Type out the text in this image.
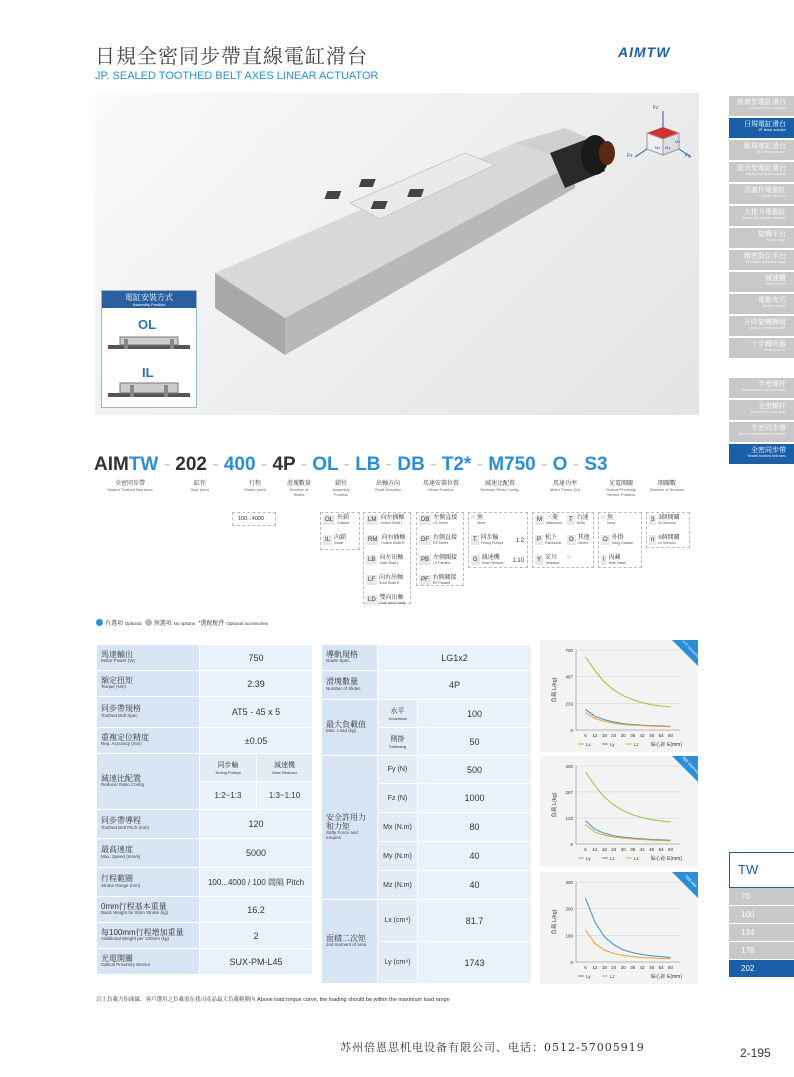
日規全密同步帶直線電缸滑台
JP. SEALED TOOTHED BELT AXES LINEAR ACTUATOR
AIMTW
Fz
Fx	Fy
Mx My
Mz
電缸安裝方式
Assembly Position
OL
IL
經濟型電缸滑台
Economy linear actuator
日規電缸滑台
JP. linear actuator
歐規電缸滑台
EU. linear actuator
超長型電缸滑台
Super-long linear actuator
活塞杆電動缸
Cylinder actuator
大推力電動缸
Heavy duty cylinder actuator
旋轉平台
Rotary stage
精密對位平台
Precision alignment stage
減速機
Gear reducer
電動夾爪
Electric gripper
升降旋轉模組
Lifting & rotating module
十字轉向器
Bevel gearbox
半密螺杆
Semi-sealed ball screw axes
全密螺杆
Sealed ball screw axes
半密同步帶
Semi-sealed toothed belt axes
全密同步帶
Sealed toothed belt axes
TW
70
100
134
178
202
AIMTW - 202 - 400 - 4P - OL - LB - DB - T2* - M750 - O - S3
全密同步帶
Sealed Toothed Belt Axes
缸徑
Size (mm)
行程
Stroke (mm)
滑塊數量
Number of Slides
鎖位
Assembly Position
出軸方向
Shaft Direction
馬達安裝位置
Motor Position
減速比配置
Reducer Ratio Config.
馬達功率
Motor Power (W)
光電開關
Optical Proximity Sensor Position
開關數
Number of Sensors
100...4000	OL 外鎖
Outside
IL 內鎖
Inside
LM 向左插軸
Hollow Shaft L
RM 向右插軸
Hollow Shaft R
LB 向左出軸
Solid Shaft L
LF 向右出軸
Solid Shaft R
LD 雙向出軸
Dual solid shafts
DB 左側直接
LS Direct
DF 右側直接
RS Direct
PB 左側閥接
LS Parallel
PF 右側閥接
RS Parallel
無
None
T 同步輪
Timing Pulleys 1:2
G 減速機
Gear Reducer 1:10
M 三菱
Mitsubishi	T 台達
Delta
P 松下
Panasonic	O 其他
Others
Y 安川
Yaskawa
無
None
O 外掛
Hang Outside
I 內藏
Hide Inside
3 3個開關
3x Sensors
n n個開關
nx Sensors
有選項 Optional 無選項 No options *選配配件 Optional accessories
馬達輸出
Motor Power (W)	750	
額定扭矩
Torque (Nm)	2.39	
同步帶規格
Toothed Belt Spec.	AT5 - 45 x 5	
重複定位精度
Rep. Accuracy (mm)	±0.05	
減速比配置
Reducer Ratio Config.	同步輪
Timing Pulleys	減速機
Gear Reducer

	1:2~1:3	1:3~1:10
同步帶導程
Toothed Belt Pitch (mm)	120	
最高速度
Max. Speed (mm/s)	5000	
行程範圍
Stroke Range (mm)	100...4000 / 100 間隔 Pitch	
0mm行程基本重量
Basic Weight for 0mm Stroke (kg)	16.2	
每100mm行程增加重量
Additional Weight per 100mm (kg)	2	
光電開關
Optical Proximity Sensor	SUX-PM-L45	
導軌規格
Guide Spec.	LG1x2	
滑塊數量
Number of Slides	4P	
最大負載值
Max. Load (kg)	水平
Horizontal	100
	側掛
Sidehang	50
安全許用力和力矩
Safty Force and torques	Fy (N)	500
	Fz (N)	1000
	Mx (N.m)	80
	My (N.m)	40
	Mz (N.m)	40
面積二次矩
2nd moment of area	Lx (cm⁴)	81.7
	Ly (cm⁴)	1743
0
233
467
700
6 12 18 24 30 36 42 48 54 60
負載 L(kg)
Lx	Ly	Lz 偏心距 E(mm)
水平 Horizontal
0
133
267
400
6 12 18 24 30 36 42 48 54 60
負載 L(kg)
Ly	Lz	Lx 偏心距 E(mm)
側掛 Sidehang
0
100
200
300
6 12 18 24 30 36 42 48 54 60
負載 L(kg)
Ly	Lz	偏心距 E(mm)
倒掛 Wall
以上負載力矩曲線，客戶選用之負載需在我司產品最大負載範圍內 Above load torque curve, the loading should be within the maximum load range
苏州倍恩思机电设备有限公司、电话：0512-57005919	2-195
